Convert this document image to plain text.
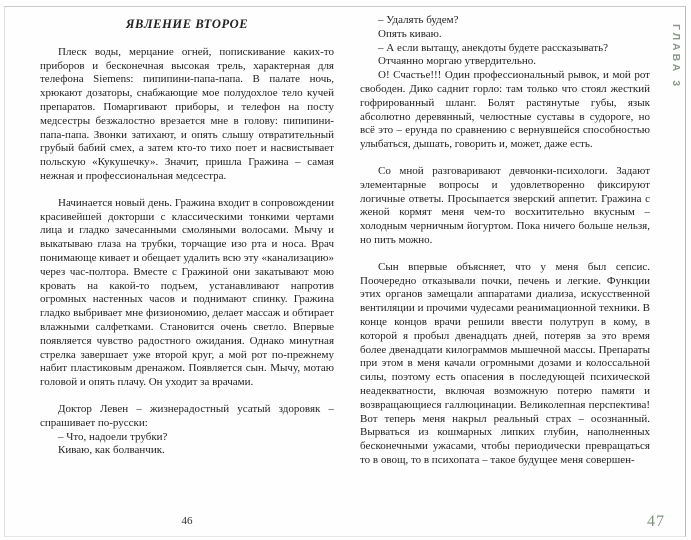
ЯВЛЕНИЕ ВТОРОЕ

Плеск воды, мерцание огней, попискивание каких-то приборов и бесконечная высокая трель, характерная для телефона Siemens: пипипини-папа-папа. В палате ночь, хрюкают дозаторы, снабжающие мое полудохлое тело кучей препаратов. Помаргивают приборы, и телефон на посту медсестры безжалостно врезается мне в голову: пипипини-папа-папа. Звонки затихают, и опять слышу отвратительный грубый бабий смех, а затем кто-то тихо поет и насвистывает польскую «Кукушечку». Значит, пришла Гражина – самая нежная и профессиональная медсестра.

Начинается новый день. Гражина входит в сопровождении красивейшей докторши с классическими тонкими чертами лица и гладко зачесанными смоляными волосами. Мычу и выкатываю глаза на трубки, торчащие изо рта и носа. Врач понимающе кивает и обещает удалить всю эту «канализацию» через час-полтора. Вместе с Гражиной они закатывают мою кровать на какой-то подъем, устанавливают напротив огромных настенных часов и поднимают спинку. Гражина гладко выбривает мне физиономию, делает массаж и обтирает влажными салфетками. Становится очень светло. Впервые появляется чувство радостного ожидания. Однако минутная стрелка завершает уже второй круг, а мой рот по-прежнему набит пластиковым дренажом. Появляется сын. Мычу, мотаю головой и опять плачу. Он уходит за врачами.

Доктор Левен – жизнерадостный усатый здоровяк – спрашивает по-русски:

– Что, надоели трубки?

Киваю, как болванчик.

– Удалять будем?

Опять киваю.

– А если вытащу, анекдоты будете рассказывать?

Отчаянно моргаю утвердительно.

О! Счастье!!! Один профессиональный рывок, и мой рот свободен. Дико саднит горло: там только что стоял жесткий гофрированный шланг. Болят растянутые губы, язык абсолютно деревянный, челюстные суставы в судороге, но всё это – ерунда по сравнению с вернувшейся способностью улыбаться, дышать, говорить и, может, даже есть.

Со мной разговаривают девчонки-психологи. Задают элементарные вопросы и удовлетворенно фиксируют логичные ответы. Просыпается зверский аппетит. Гражина с женой кормят меня чем-то восхитительно вкусным – холодным черничным йогуртом. Пока ничего больше нельзя, но пить можно.

Сын впервые объясняет, что у меня был сепсис. Поочередно отказывали почки, печень и легкие. Функции этих органов замещали аппаратами диализа, искусственной вентиляции и прочими чудесами реанимационной техники. В конце концов врачи решили ввести полутруп в кому, в которой я пробыл двенадцать дней, потеряв за это время более двенадцати килограммов мышечной массы. Препараты при этом в меня качали огромными дозами и колоссальной силы, поэтому есть опасения в последующей психической неадекватности, включая возможную потерю памяти и возвращающиеся галлюцинации. Великолепная перспектива! Вот теперь меня накрыл реальный страх – осознанный. Вырваться из кошмарных липких глубин, наполненных бесконечными ужасами, чтобы периодически превращаться то в овощ, то в психопата – такое будущее меня совершен-

46	47
ГЛАВА 3
